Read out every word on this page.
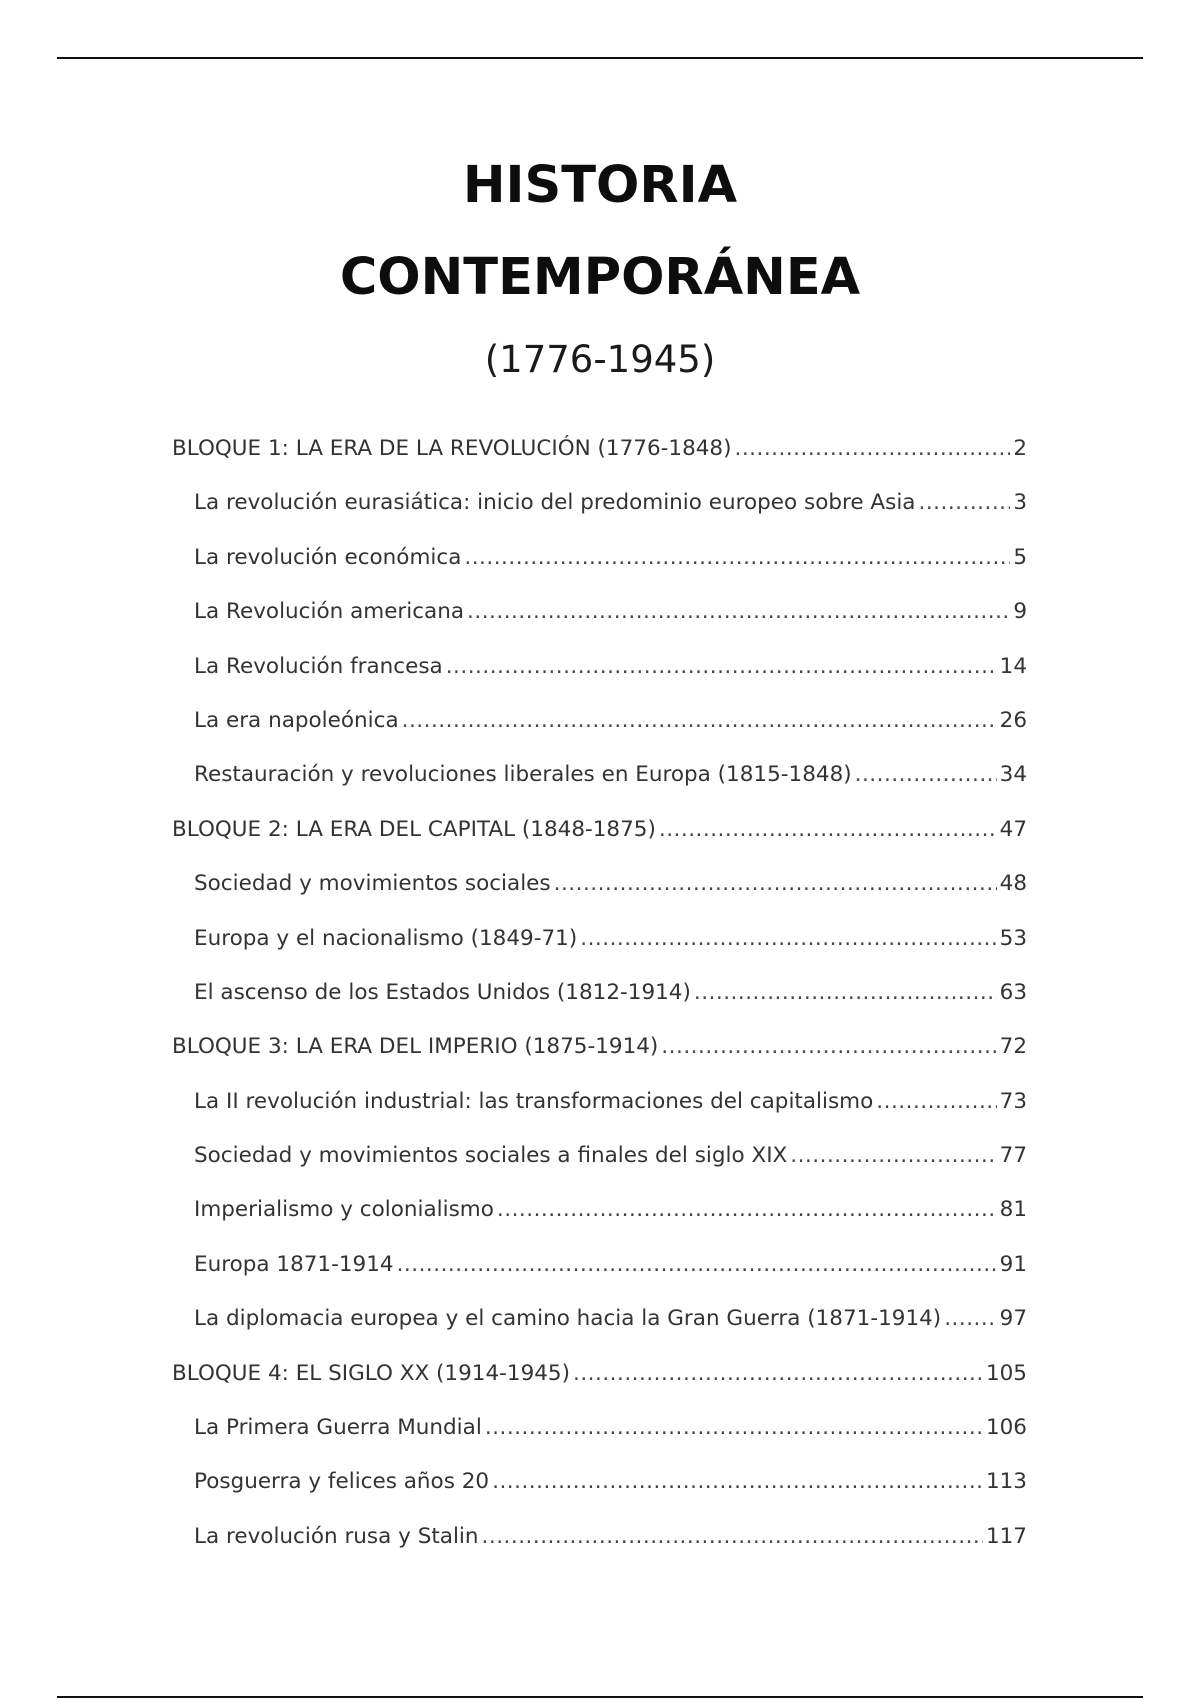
HISTORIA
CONTEMPORÁNEA
(1776-1945)
BLOQUE 1: LA ERA DE LA REVOLUCIÓN (1776-1848) .....	2
La revolución eurasiática: inicio del predominio europeo sobre Asia .....	3
La revolución económica .....	5
La Revolución americana .....	9
La Revolución francesa .....	14
La era napoleónica .....	26
Restauración y revoluciones liberales en Europa (1815-1848) .....	34
BLOQUE 2: LA ERA DEL CAPITAL (1848-1875) .....	47
Sociedad y movimientos sociales .....	48
Europa y el nacionalismo (1849-71) .....	53
El ascenso de los Estados Unidos (1812-1914) .....	63
BLOQUE 3: LA ERA DEL IMPERIO (1875-1914) .....	72
La II revolución industrial: las transformaciones del capitalismo .....	73
Sociedad y movimientos sociales a finales del siglo XIX .....	77
Imperialismo y colonialismo .....	81
Europa 1871-1914 .....	91
La diplomacia europea y el camino hacia la Gran Guerra (1871-1914) .....	97
BLOQUE 4: EL SIGLO XX (1914-1945) .....	105
La Primera Guerra Mundial .....	106
Posguerra y felices años 20 .....	113
La revolución rusa y Stalin .....	117
